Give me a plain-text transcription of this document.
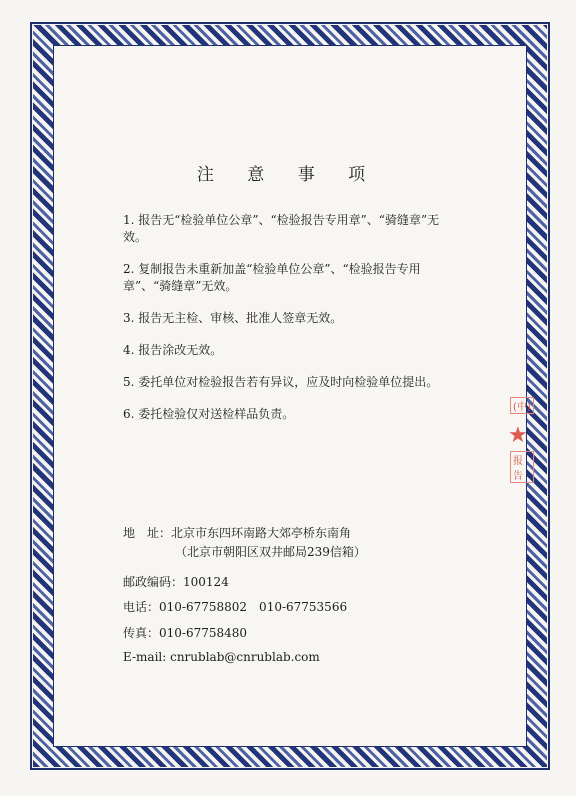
注 意 事 项

1. 报告无“检验单位公章”、“检验报告专用章”、“骑缝章”无效。

2. 复制报告未重新加盖“检验单位公章”、“检验报告专用章”、“骑缝章”无效。

3. 报告无主检、审核、批准人签章无效。

4. 报告涂改无效。

5. 委托单位对检验报告若有异议，应及时向检验单位提出。

6. 委托检验仅对送检样品负责。

地　址：北京市东四环南路大郊亭桥东南角
（北京市朝阳区双井邮局239信箱）
邮政编码：100124
电话：010-67758802　010-67753566
传真：010-67758480
E-mail: cnrublab@cnrublab.com
(中)
★
报告
